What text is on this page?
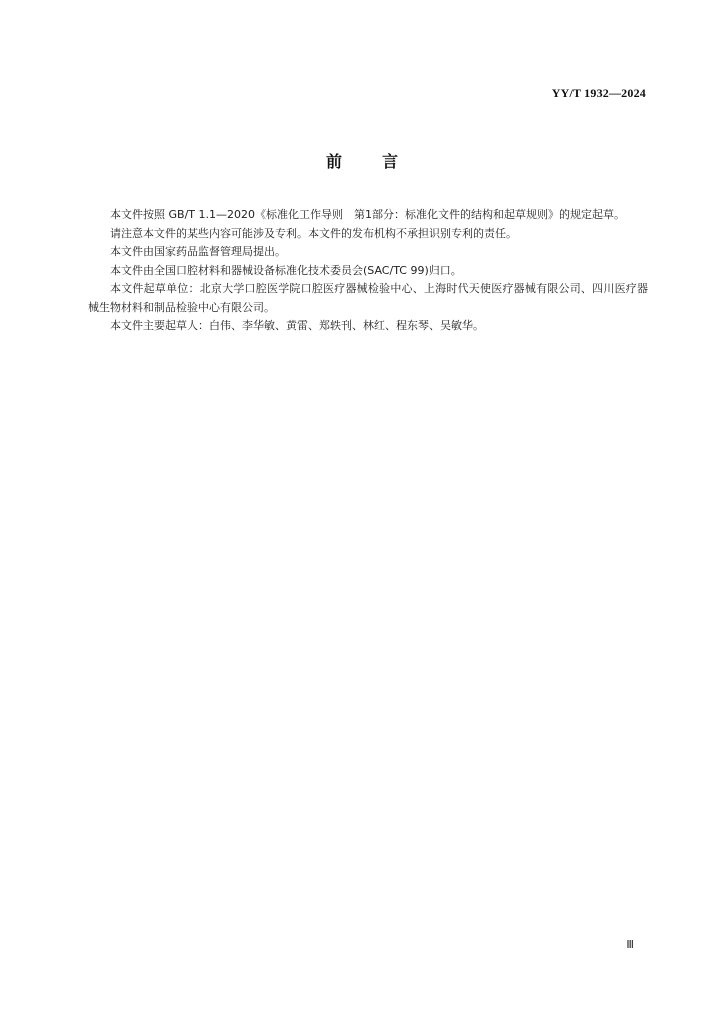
YY/T 1932—2024
前	言

本文件按照 GB/T 1.1—2020《标准化工作导则　第1部分：标准化文件的结构和起草规则》的规定起草。

请注意本文件的某些内容可能涉及专利。本文件的发布机构不承担识别专利的责任。

本文件由国家药品监督管理局提出。

本文件由全国口腔材料和器械设备标准化技术委员会(SAC/TC 99)归口。

本文件起草单位：北京大学口腔医学院口腔医疗器械检验中心、上海时代天使医疗器械有限公司、四川医疗器械生物材料和制品检验中心有限公司。

本文件主要起草人：白伟、李华敏、黄雷、郑轶刊、林红、程东琴、吴敏华。

Ⅲ
